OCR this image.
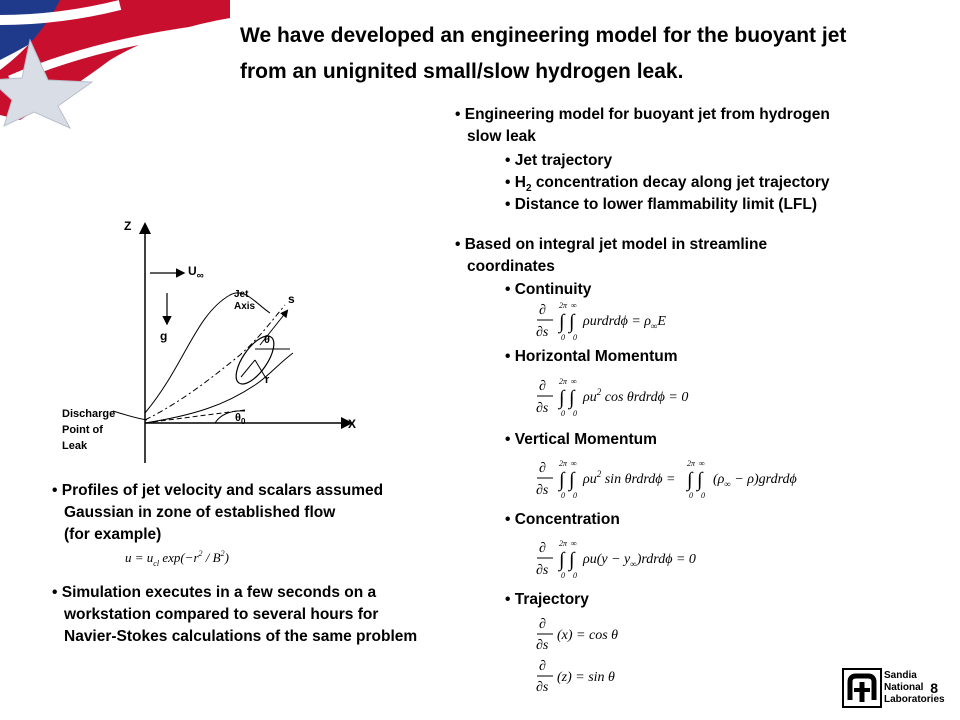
We have developed an engineering model for the buoyant jet
from an unignited small/slow hydrogen leak.
• Engineering model for buoyant jet from hydrogen
slow leak
• Jet trajectory
• $H_2$ concentration decay along jet trajectory
• Distance to lower flammability limit (LFL)
• Based on integral jet model in streamline
coordinates
• Continuity
• Horizontal Momentum
• Vertical Momentum
• Concentration
• Trajectory
∂
∂s
2π ∞
∫ ∫
0 0
ρurdrdϕ = $\rho_\infty E$
∂
∂s
2π ∞
∫ ∫
0 0
$\rho u^2$ cos θrdrdϕ = 0
∂
∂s
2π ∞
∫ ∫
0 0
$\rho u^2$ sin θrdrdϕ =
2π ∞
∫ ∫
0 0
($\rho_\infty$ − ρ)grdrdϕ
∂
∂s
2π ∞
∫ ∫
0 0
$\rho u(y - y_\infty)rdrd\phi = 0$
∂
∂s
(x) = cos θ
∂
∂s
(z) = sin θ
Z
X
$U_\infty$
g
Jet
Axis
s
θ
r
$\theta_0$
Discharge
Point of
Leak
• Profiles of jet velocity and scalars assumed
Gaussian in zone of established flow
(for example)
$u = u_{cl}$ $\exp(-r^2 / B^2)$
• Simulation executes in a few seconds on a
workstation compared to several hours for
Navier-Stokes calculations of the same problem
Sandia
National
Laboratories
8
